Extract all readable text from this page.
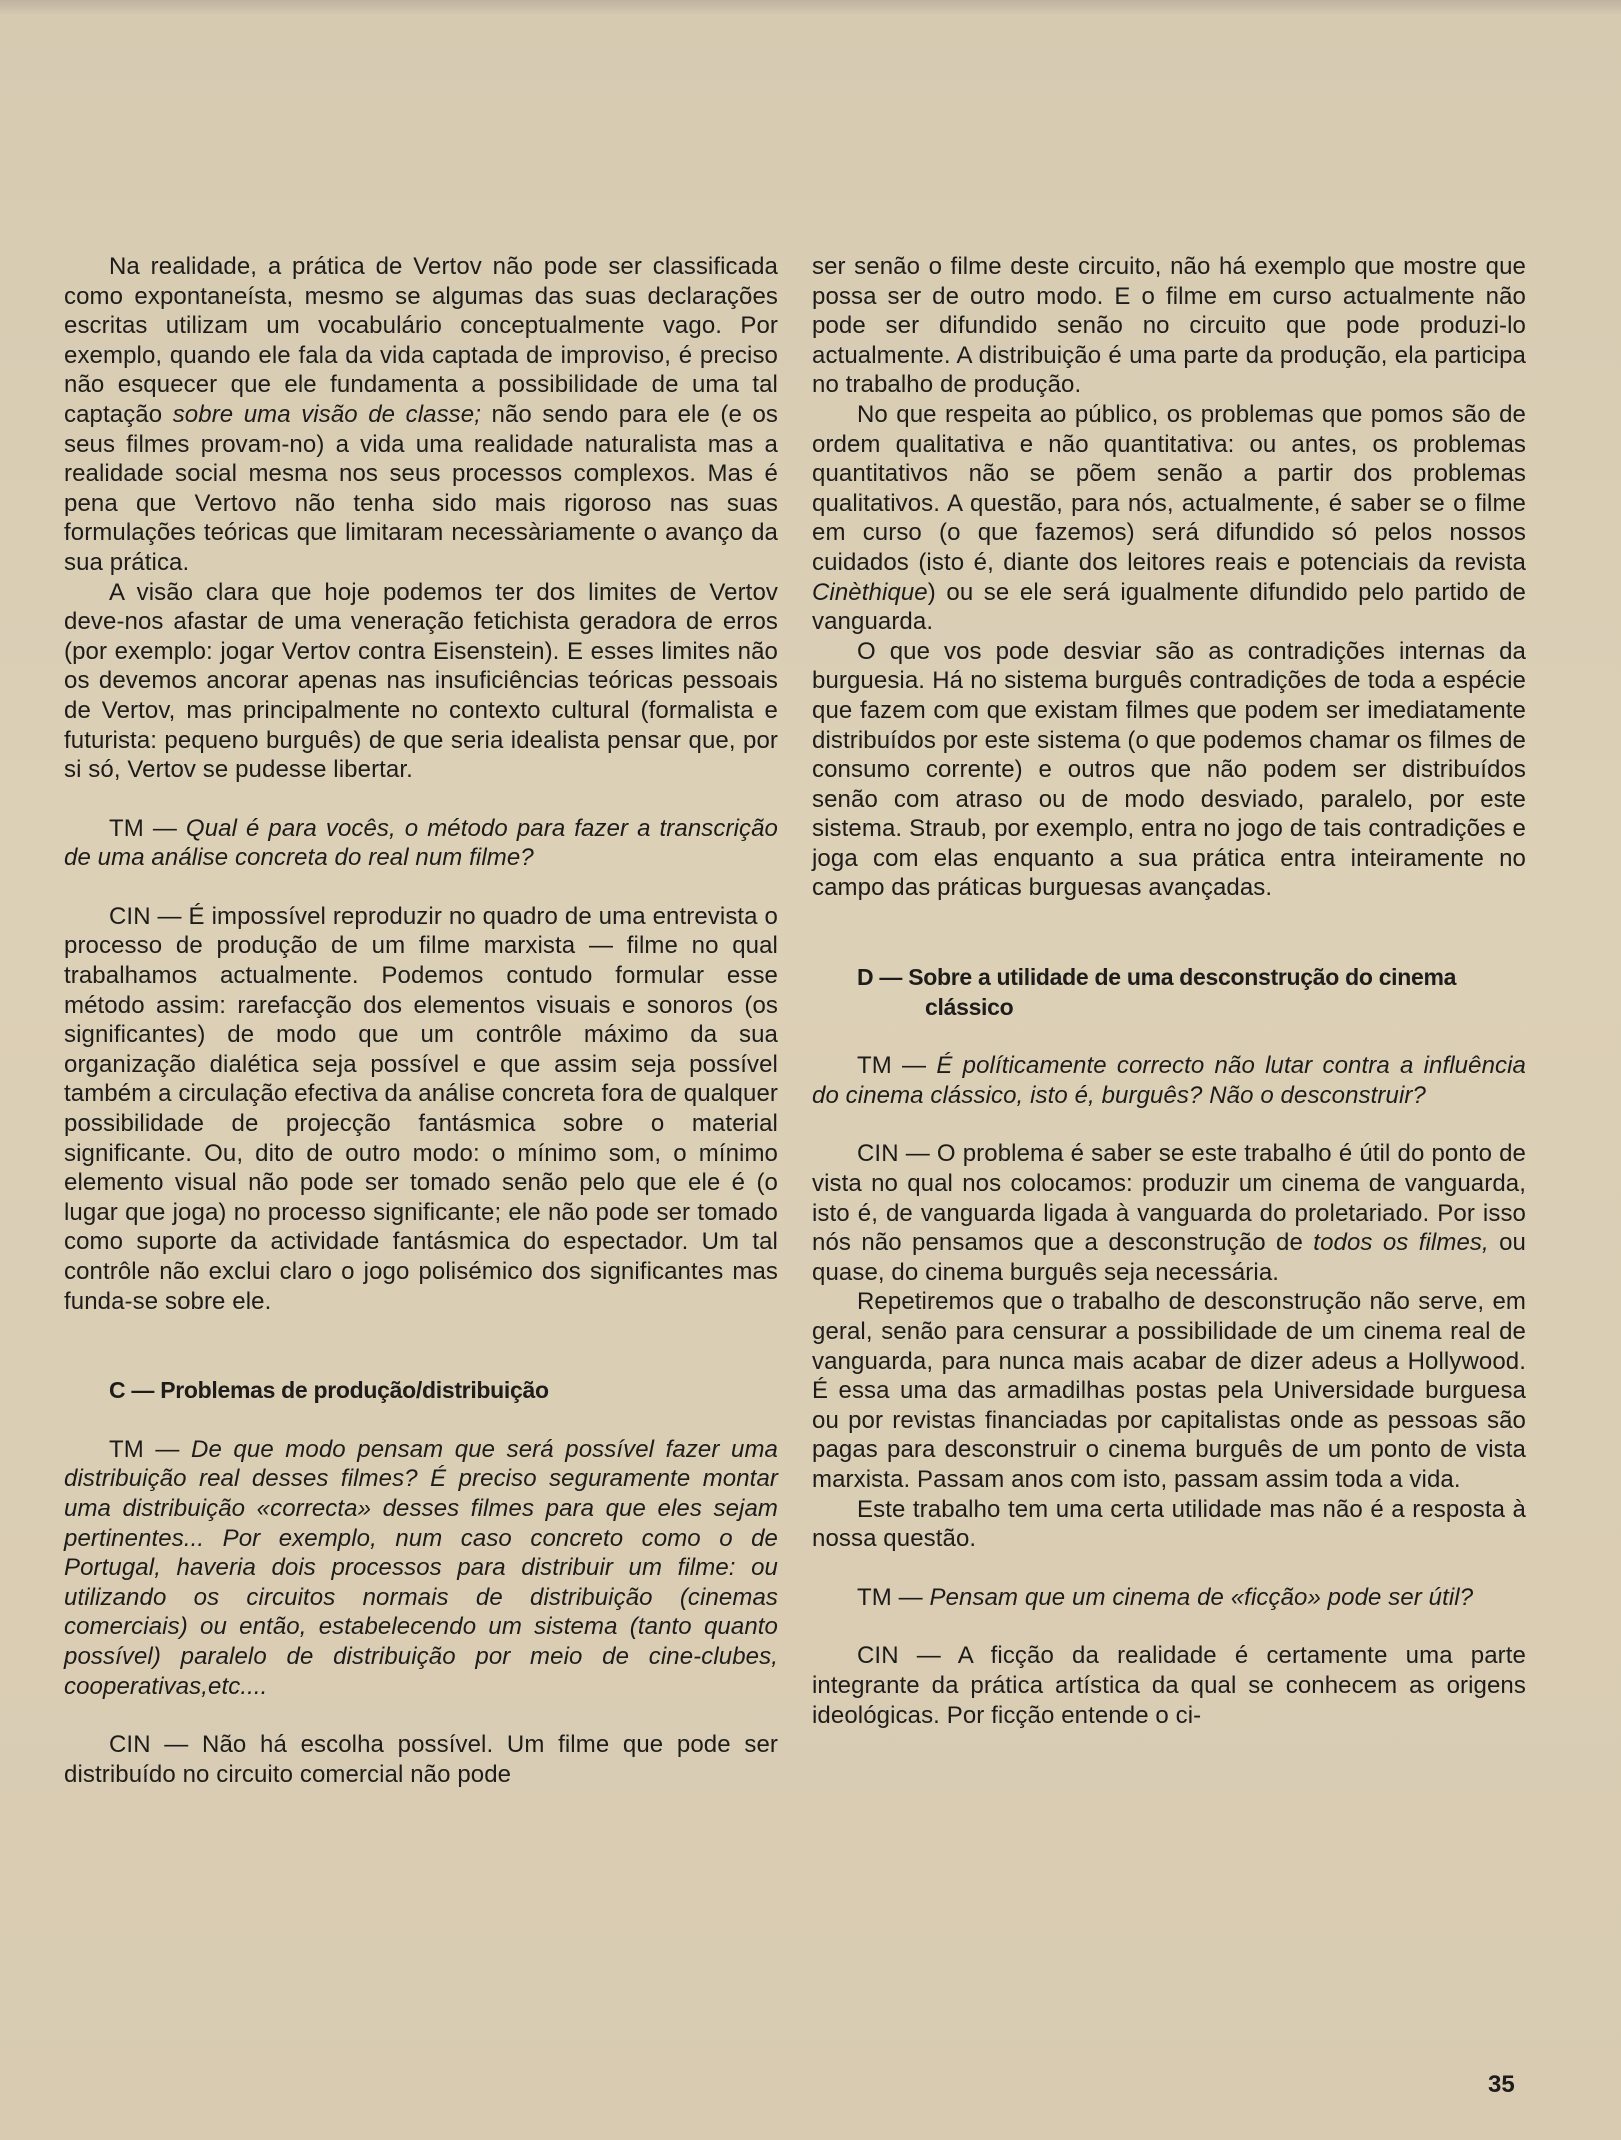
Na realidade, a prática de Vertov não pode ser classificada como expontaneísta, mesmo se algumas das suas declarações escritas utilizam um vocabulário conceptualmente vago. Por exemplo, quando ele fala da vida captada de improviso, é preciso não esquecer que ele fundamenta a possibilidade de uma tal captação sobre uma visão de classe; não sendo para ele (e os seus filmes provam-no) a vida uma realidade naturalista mas a realidade social mesma nos seus processos complexos. Mas é pena que Vertovo não tenha sido mais rigoroso nas suas formulações teóricas que limitaram necessàriamente o avanço da sua prática.

A visão clara que hoje podemos ter dos limites de Vertov deve-nos afastar de uma veneração fetichista geradora de erros (por exemplo: jogar Vertov contra Eisenstein). E esses limites não os devemos ancorar apenas nas insuficiências teóricas pessoais de Vertov, mas principalmente no contexto cultural (formalista e futurista: pequeno burguês) de que seria idealista pensar que, por si só, Vertov se pudesse libertar.

TM — Qual é para vocês, o método para fazer a transcrição de uma análise concreta do real num filme?

CIN — É impossível reproduzir no quadro de uma entrevista o processo de produção de um filme marxista — filme no qual trabalhamos actualmente. Podemos contudo formular esse método assim: rarefacção dos elementos visuais e sonoros (os significantes) de modo que um contrôle máximo da sua organização dialética seja possível e que assim seja possível também a circulação efectiva da análise concreta fora de qualquer possibilidade de projecção fantásmica sobre o material significante. Ou, dito de outro modo: o mínimo som, o mínimo elemento visual não pode ser tomado senão pelo que ele é (o lugar que joga) no processo significante; ele não pode ser tomado como suporte da actividade fantásmica do espectador. Um tal contrôle não exclui claro o jogo polisémico dos significantes mas funda-se sobre ele.

C — Problemas de produção/distribuição

TM — De que modo pensam que será possível fazer uma distribuição real desses filmes? É preciso seguramente montar uma distribuição «correcta» desses filmes para que eles sejam pertinentes... Por exemplo, num caso concreto como o de Portugal, haveria dois processos para distribuir um filme: ou utilizando os circuitos normais de distribuição (cinemas comerciais) ou então, estabelecendo um sistema (tanto quanto possível) paralelo de distribuição por meio de cine-clubes, cooperativas,etc....

CIN — Não há escolha possível. Um filme que pode ser distribuído no circuito comercial não pode

ser senão o filme deste circuito, não há exemplo que mostre que possa ser de outro modo. E o filme em curso actualmente não pode ser difundido senão no circuito que pode produzi-lo actualmente. A distribuição é uma parte da produção, ela participa no trabalho de produção.

No que respeita ao público, os problemas que pomos são de ordem qualitativa e não quantitativa: ou antes, os problemas quantitativos não se põem senão a partir dos problemas qualitativos. A questão, para nós, actualmente, é saber se o filme em curso (o que fazemos) será difundido só pelos nossos cuidados (isto é, diante dos leitores reais e potenciais da revista Cinèthique) ou se ele será igualmente difundido pelo partido de vanguarda.

O que vos pode desviar são as contradições internas da burguesia. Há no sistema burguês contradições de toda a espécie que fazem com que existam filmes que podem ser imediatamente distribuídos por este sistema (o que podemos chamar os filmes de consumo corrente) e outros que não podem ser distribuídos senão com atraso ou de modo desviado, paralelo, por este sistema. Straub, por exemplo, entra no jogo de tais contradições e joga com elas enquanto a sua prática entra inteiramente no campo das práticas burguesas avançadas.

D — Sobre a utilidade de uma desconstrução do cinema
clássico

TM — É políticamente correcto não lutar contra a influência do cinema clássico, isto é, burguês? Não o desconstruir?

CIN — O problema é saber se este trabalho é útil do ponto de vista no qual nos colocamos: produzir um cinema de vanguarda, isto é, de vanguarda ligada à vanguarda do proletariado. Por isso nós não pensamos que a desconstrução de todos os filmes, ou quase, do cinema burguês seja necessária.

Repetiremos que o trabalho de desconstrução não serve, em geral, senão para censurar a possibilidade de um cinema real de vanguarda, para nunca mais acabar de dizer adeus a Hollywood. É essa uma das armadilhas postas pela Universidade burguesa ou por revistas financiadas por capitalistas onde as pessoas são pagas para desconstruir o cinema burguês de um ponto de vista marxista. Passam anos com isto, passam assim toda a vida.

Este trabalho tem uma certa utilidade mas não é a resposta à nossa questão.

TM — Pensam que um cinema de «ficção» pode ser útil?

CIN — A ficção da realidade é certamente uma parte integrante da prática artística da qual se conhecem as origens ideológicas. Por ficção entende o ci-

35
